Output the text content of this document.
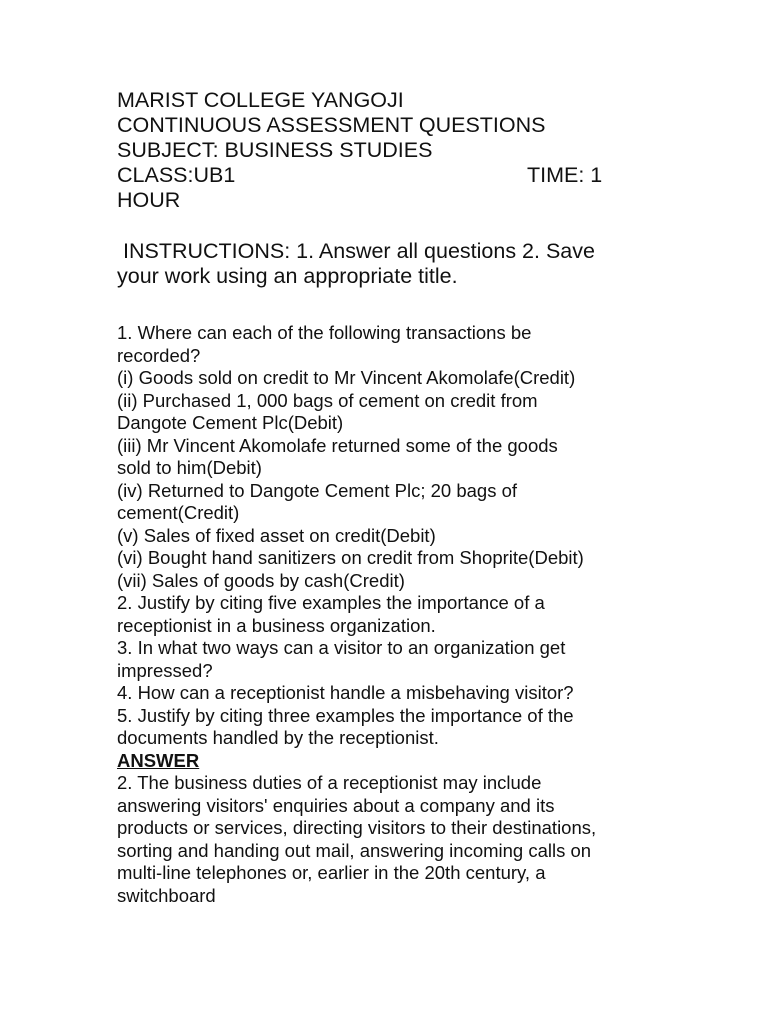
MARIST COLLEGE YANGOJI
CONTINUOUS ASSESSMENT QUESTIONS
SUBJECT: BUSINESS STUDIES
CLASS:UB1	TIME: 1
HOUR
INSTRUCTIONS: 1. Answer all questions 2. Save
your work using an appropriate title.
1. Where can each of the following transactions be
recorded?
(i) Goods sold on credit to Mr Vincent Akomolafe(Credit)
(ii) Purchased 1, 000 bags of cement on credit from
Dangote Cement Plc(Debit)
(iii) Mr Vincent Akomolafe returned some of the goods
sold to him(Debit)
(iv) Returned to Dangote Cement Plc; 20 bags of
cement(Credit)
(v) Sales of fixed asset on credit(Debit)
(vi) Bought hand sanitizers on credit from Shoprite(Debit)
(vii) Sales of goods by cash(Credit)
2. Justify by citing five examples the importance of a
receptionist in a business organization.
3. In what two ways can a visitor to an organization get
impressed?
4. How can a receptionist handle a misbehaving visitor?
5. Justify by citing three examples the importance of the
documents handled by the receptionist.
ANSWER
2. The business duties of a receptionist may include
answering visitors' enquiries about a company and its
products or services, directing visitors to their destinations,
sorting and handing out mail, answering incoming calls on
multi-line telephones or, earlier in the 20th century, a
switchboard
